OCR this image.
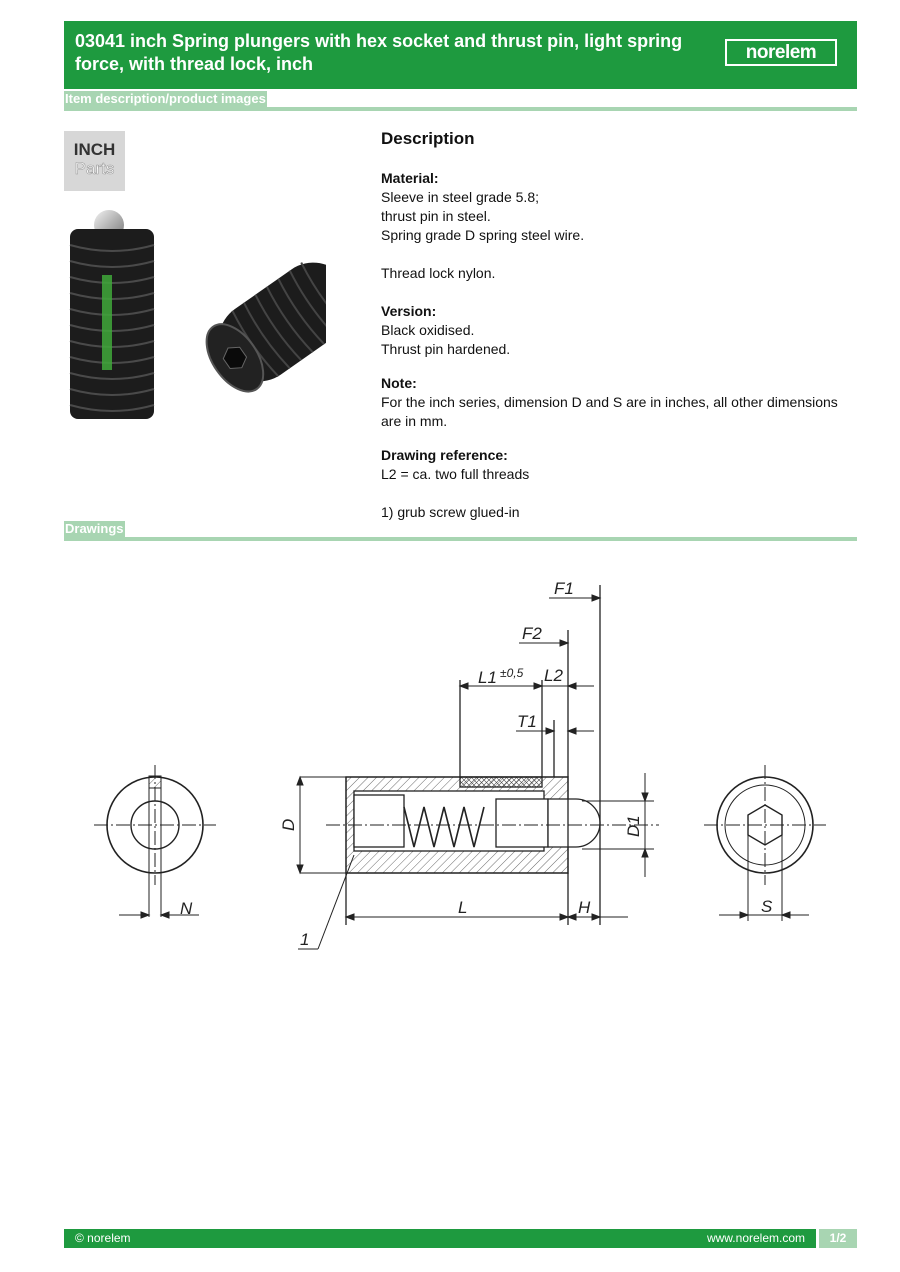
03041 inch Spring plungers with hex socket and thrust pin, light spring force, with thread lock, inch
norelem
Item description/product images
INCH
Parts
Description

Material:
Sleeve in steel grade 5.8;
thrust pin in steel.
Spring grade D spring steel wire.

Thread lock nylon.

Version:
Black oxidised.
Thrust pin hardened.

Note:
For the inch series, dimension D and S are in inches, all other dimensions are in mm.

Drawing reference:
L2 = ca. two full threads

1) grub screw glued-in

Drawings
N
F1
F2
L1 ±0,5 L2
T1
L	H
1
D	D1
S
© norelem	www.norelem.com	1/2
